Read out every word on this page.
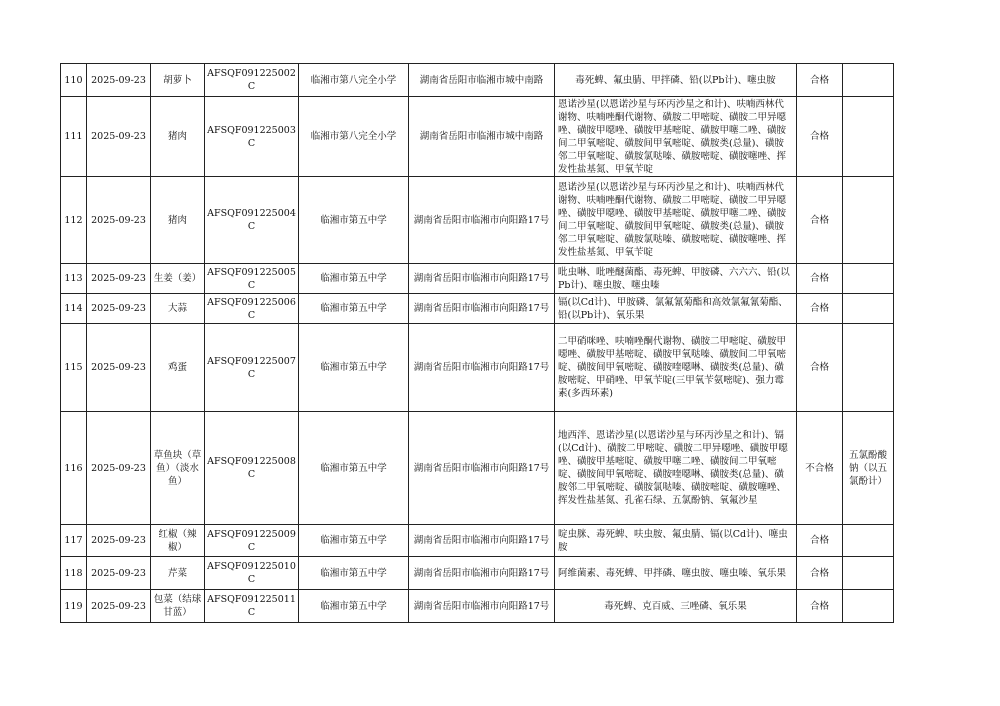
110	2025-09-23	胡萝卜	AFSQF091225002C	临湘市第八完全小学	湖南省岳阳市临湘市城中南路	毒死蜱、氟虫腈、甲拌磷、铅(以Pb计)、噻虫胺	合格	
111	2025-09-23	猪肉	AFSQF091225003C	临湘市第八完全小学	湖南省岳阳市临湘市城中南路	恩诺沙星(以恩诺沙星与环丙沙星之和计)、呋喃西林代谢物、呋喃唑酮代谢物、磺胺二甲嘧啶、磺胺二甲异噁唑、磺胺甲噁唑、磺胺甲基嘧啶、磺胺甲噻二唑、磺胺间二甲氧嘧啶、磺胺间甲氧嘧啶、磺胺类(总量)、磺胺邻二甲氧嘧啶、磺胺氯哒嗪、磺胺嘧啶、磺胺噻唑、挥发性盐基氮、甲氧苄啶	合格	
112	2025-09-23	猪肉	AFSQF091225004C	临湘市第五中学	湖南省岳阳市临湘市向阳路17号	恩诺沙星(以恩诺沙星与环丙沙星之和计)、呋喃西林代谢物、呋喃唑酮代谢物、磺胺二甲嘧啶、磺胺二甲异噁唑、磺胺甲噁唑、磺胺甲基嘧啶、磺胺甲噻二唑、磺胺间二甲氧嘧啶、磺胺间甲氧嘧啶、磺胺类(总量)、磺胺邻二甲氧嘧啶、磺胺氯哒嗪、磺胺嘧啶、磺胺噻唑、挥发性盐基氮、甲氧苄啶	合格	
113	2025-09-23	生姜（姜）	AFSQF091225005C	临湘市第五中学	湖南省岳阳市临湘市向阳路17号	吡虫啉、吡唑醚菌酯、毒死蜱、甲胺磷、六六六、铅(以Pb计)、噻虫胺、噻虫嗪	合格	
114	2025-09-23	大蒜	AFSQF091225006C	临湘市第五中学	湖南省岳阳市临湘市向阳路17号	镉(以Cd计)、甲胺磷、氯氟氰菊酯和高效氯氟氰菊酯、铅(以Pb计)、氧乐果	合格	
115	2025-09-23	鸡蛋	AFSQF091225007C	临湘市第五中学	湖南省岳阳市临湘市向阳路17号	二甲硝咪唑、呋喃唑酮代谢物、磺胺二甲嘧啶、磺胺甲噁唑、磺胺甲基嘧啶、磺胺甲氧哒嗪、磺胺间二甲氧嘧啶、磺胺间甲氧嘧啶、磺胺喹噁啉、磺胺类(总量)、磺胺嘧啶、甲硝唑、甲氧苄啶(三甲氧苄氨嘧啶)、强力霉素(多西环素)	合格	
116	2025-09-23	草鱼块（草鱼）（淡水鱼）	AFSQF091225008C	临湘市第五中学	湖南省岳阳市临湘市向阳路17号	地西泮、恩诺沙星(以恩诺沙星与环丙沙星之和计)、镉(以Cd计)、磺胺二甲嘧啶、磺胺二甲异噁唑、磺胺甲噁唑、磺胺甲基嘧啶、磺胺甲噻二唑、磺胺间二甲氧嘧啶、磺胺间甲氧嘧啶、磺胺喹噁啉、磺胺类(总量)、磺胺邻二甲氧嘧啶、磺胺氯哒嗪、磺胺嘧啶、磺胺噻唑、挥发性盐基氮、孔雀石绿、五氯酚钠、氧氟沙星	不合格	五氯酚酸钠（以五氯酚计）
117	2025-09-23	红椒（辣椒）	AFSQF091225009C	临湘市第五中学	湖南省岳阳市临湘市向阳路17号	啶虫脒、毒死蜱、呋虫胺、氟虫腈、镉(以Cd计)、噻虫胺	合格	
118	2025-09-23	芹菜	AFSQF091225010C	临湘市第五中学	湖南省岳阳市临湘市向阳路17号	阿维菌素、毒死蜱、甲拌磷、噻虫胺、噻虫嗪、氧乐果	合格	
119	2025-09-23	包菜（结球甘蓝）	AFSQF091225011C	临湘市第五中学	湖南省岳阳市临湘市向阳路17号	毒死蜱、克百威、三唑磷、氧乐果	合格	
